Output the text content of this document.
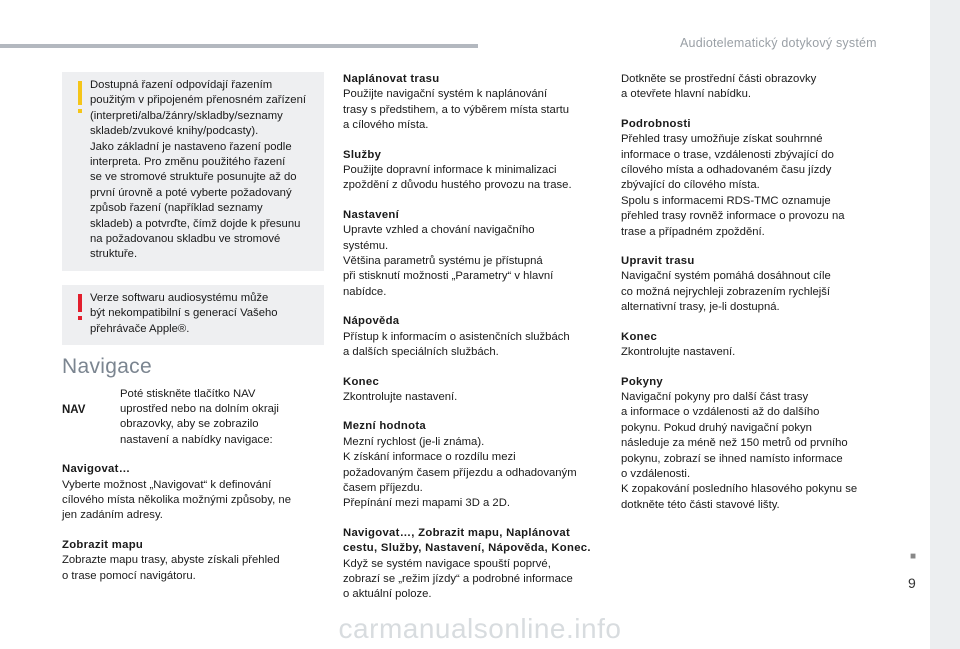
Audiotelematický dotykový systém
■
9

Dostupná řazení odpovídají řazením
použitým v připojeném přenosném zařízení
(interpreti/alba/žánry/skladby/seznamy
skladeb/zvukové knihy/podcasty).
Jako základní je nastaveno řazení podle
interpreta. Pro změnu použitého řazení
se ve stromové struktuře posunujte až do
první úrovně a poté vyberte požadovaný
způsob řazení (například seznamy
skladeb) a potvrďte, čímž dojde k přesunu
na požadovanou skladbu ve stromové
struktuře.

Verze softwaru audiosystému může
být nekompatibilní s generací Vašeho
přehrávače Apple®.

Navigace
NAV
Poté stiskněte tlačítko NAV
uprostřed nebo na dolním okraji
obrazovky, aby se zobrazilo
nastavení a nabídky navigace:
Navigovat…

Vyberte možnost „Navigovat“ k definování
cílového místa několika možnými způsoby, ne
jen zadáním adresy.

Zobrazit mapu

Zobrazte mapu trasy, abyste získali přehled
o trase pomocí navigátoru.

Naplánovat trasu

Použijte navigační systém k naplánování
trasy s předstihem, a to výběrem místa startu
a cílového místa.

Služby

Použijte dopravní informace k minimalizaci
zpoždění z důvodu hustého provozu na trase.

Nastavení

Upravte vzhled a chování navigačního
systému.
Většina parametrů systému je přístupná
při stisknutí možnosti „Parametry“ v hlavní
nabídce.

Nápověda

Přístup k informacím o asistenčních službách
a dalších speciálních službách.

Konec

Zkontrolujte nastavení.

Mezní hodnota

Mezní rychlost (je-li známa).
K získání informace o rozdílu mezi
požadovaným časem příjezdu a odhadovaným
časem příjezdu.
Přepínání mezi mapami 3D a 2D.

Navigovat…, Zobrazit mapu, Naplánovat
cestu, Služby, Nastavení, Nápověda, Konec.

Když se systém navigace spouští poprvé,
zobrazí se „režim jízdy“ a podrobné informace
o aktuální poloze.

Dotkněte se prostřední části obrazovky
a otevřete hlavní nabídku.

Podrobnosti

Přehled trasy umožňuje získat souhrnné
informace o trase, vzdálenosti zbývající do
cílového místa a odhadovaném času jízdy
zbývající do cílového místa.
Spolu s informacemi RDS-TMC oznamuje
přehled trasy rovněž informace o provozu na
trase a případném zpoždění.

Upravit trasu

Navigační systém pomáhá dosáhnout cíle
co možná nejrychleji zobrazením rychlejší
alternativní trasy, je-li dostupná.

Konec

Zkontrolujte nastavení.

Pokyny

Navigační pokyny pro další část trasy
a informace o vzdálenosti až do dalšího
pokynu. Pokud druhý navigační pokyn
následuje za méně než 150 metrů od prvního
pokynu, zobrazí se ihned namísto informace
o vzdálenosti.
K zopakování posledního hlasového pokynu se
dotkněte této části stavové lišty.

carmanualsonline.info
